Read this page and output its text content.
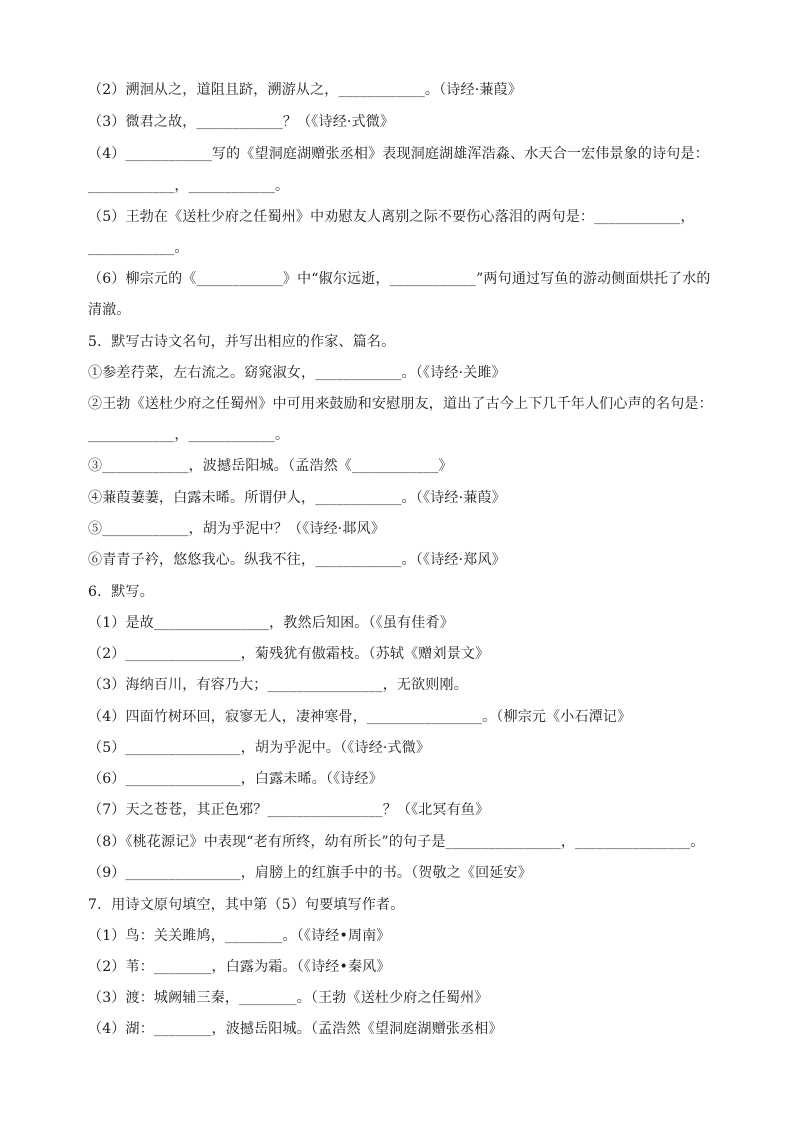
（2）溯洄从之，道阻且跻，溯游从之，____________。（诗经·蒹葭》
（3）微君之故，____________？（《诗经·式微》
（4）____________写的《望洞庭湖赠张丞相》表现洞庭湖雄浑浩淼、水天合一宏伟景象的诗句是：
____________，____________。
（5）王勃在《送杜少府之任蜀州》中劝慰友人离别之际不要伤心落泪的两句是：____________，
____________。
（6）柳宗元的《____________》中“俶尔远逝，____________”两句通过写鱼的游动侧面烘托了水的
清澈。
5．默写古诗文名句，并写出相应的作家、篇名。
①参差荇菜，左右流之。窈窕淑女，____________。（《诗经·关雎》
②王勃《送杜少府之任蜀州》中可用来鼓励和安慰朋友，道出了古今上下几千年人们心声的名句是：
____________，____________。
③____________，波撼岳阳城。（孟浩然《____________》
④蒹葭萋萋，白露未晞。所谓伊人，____________。（《诗经·蒹葭》
⑤____________，胡为乎泥中？（《诗经·邶风》
⑥青青子衿，悠悠我心。纵我不往，____________。（《诗经·郑风》
6．默写。
（1）是故________________，教然后知困。（《虽有佳肴》
（2）________________，菊残犹有傲霜枝。（苏轼《赠刘景文》
（3）海纳百川，有容乃大；________________，无欲则刚。
（4）四面竹树环回，寂寥无人，凄神寒骨，________________。（柳宗元《小石潭记》
（5）________________，胡为乎泥中。（《诗经·式微》
（6）________________，白露未晞。（《诗经》
（7）天之苍苍，其正色邪？________________？（《北冥有鱼》
（8）《桃花源记》中表现“老有所终，幼有所长”的句子是________________，________________。
（9）________________，肩膀上的红旗手中的书。（贺敬之《回延安》
7．用诗文原句填空，其中第（5）句要填写作者。
（1）鸟：关关雎鸠，________。（《诗经•周南》
（2）苇：________，白露为霜。（《诗经•秦风》
（3）渡：城阙辅三秦，________。（王勃《送杜少府之任蜀州》
（4）湖：________，波撼岳阳城。（孟浩然《望洞庭湖赠张丞相》
